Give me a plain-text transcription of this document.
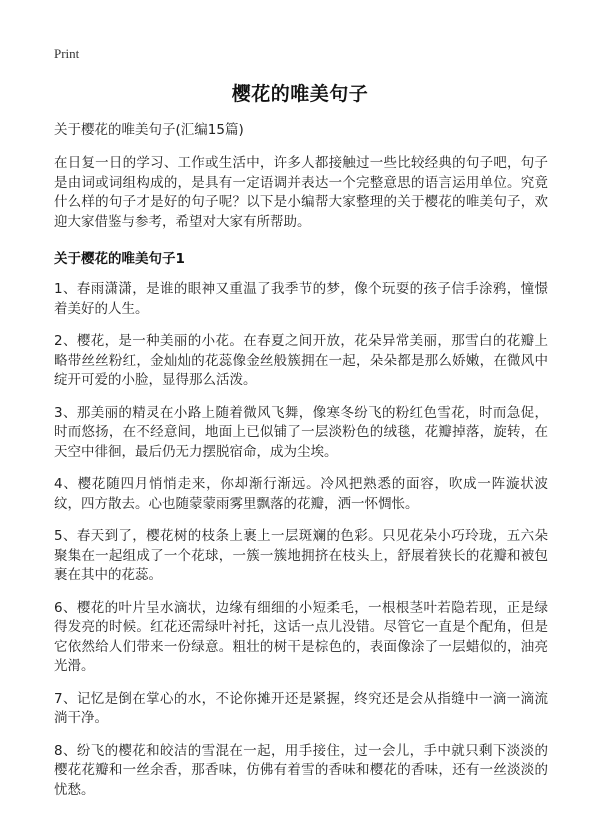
Print
樱花的唯美句子

关于樱花的唯美句子(汇编15篇)

在日复一日的学习、工作或生活中，许多人都接触过一些比较经典的句子吧，句子是由词或词组构成的，是具有一定语调并表达一个完整意思的语言运用单位。究竟什么样的句子才是好的句子呢？以下是小编帮大家整理的关于樱花的唯美句子，欢迎大家借鉴与参考，希望对大家有所帮助。

关于樱花的唯美句子1

1、春雨潇潇，是谁的眼神又重温了我季节的梦，像个玩耍的孩子信手涂鸦，憧憬着美好的人生。

2、樱花，是一种美丽的小花。在春夏之间开放，花朵异常美丽，那雪白的花瓣上略带丝丝粉红，金灿灿的花蕊像金丝般簇拥在一起，朵朵都是那么娇嫩，在微风中绽开可爱的小脸，显得那么活泼。

3、那美丽的精灵在小路上随着微风飞舞，像寒冬纷飞的粉红色雪花，时而急促，时而悠扬，在不经意间，地面上已似铺了一层淡粉色的绒毯，花瓣掉落，旋转，在天空中徘徊，最后仍无力摆脱宿命，成为尘埃。

4、樱花随四月悄悄走来，你却渐行渐远。冷风把熟悉的面容，吹成一阵漩状波纹，四方散去。心也随蒙蒙雨雾里飘落的花瓣，洒一怀惆怅。

5、春天到了，樱花树的枝条上裹上一层斑斓的色彩。只见花朵小巧玲珑，五六朵聚集在一起组成了一个花球，一簇一簇地拥挤在枝头上，舒展着狭长的花瓣和被包裹在其中的花蕊。

6、樱花的叶片呈水滴状，边缘有细细的小短柔毛，一根根茎叶若隐若现，正是绿得发亮的时候。红花还需绿叶衬托，这话一点儿没错。尽管它一直是个配角，但是它依然给人们带来一份绿意。粗壮的树干是棕色的，表面像涂了一层蜡似的，油亮光滑。

7、记忆是倒在掌心的水，不论你摊开还是紧握，终究还是会从指缝中一滴一滴流淌干净。

8、纷飞的樱花和皎洁的雪混在一起，用手接住，过一会儿，手中就只剩下淡淡的樱花花瓣和一丝余香，那香味，仿佛有着雪的香味和樱花的香味，还有一丝淡淡的忧愁。
